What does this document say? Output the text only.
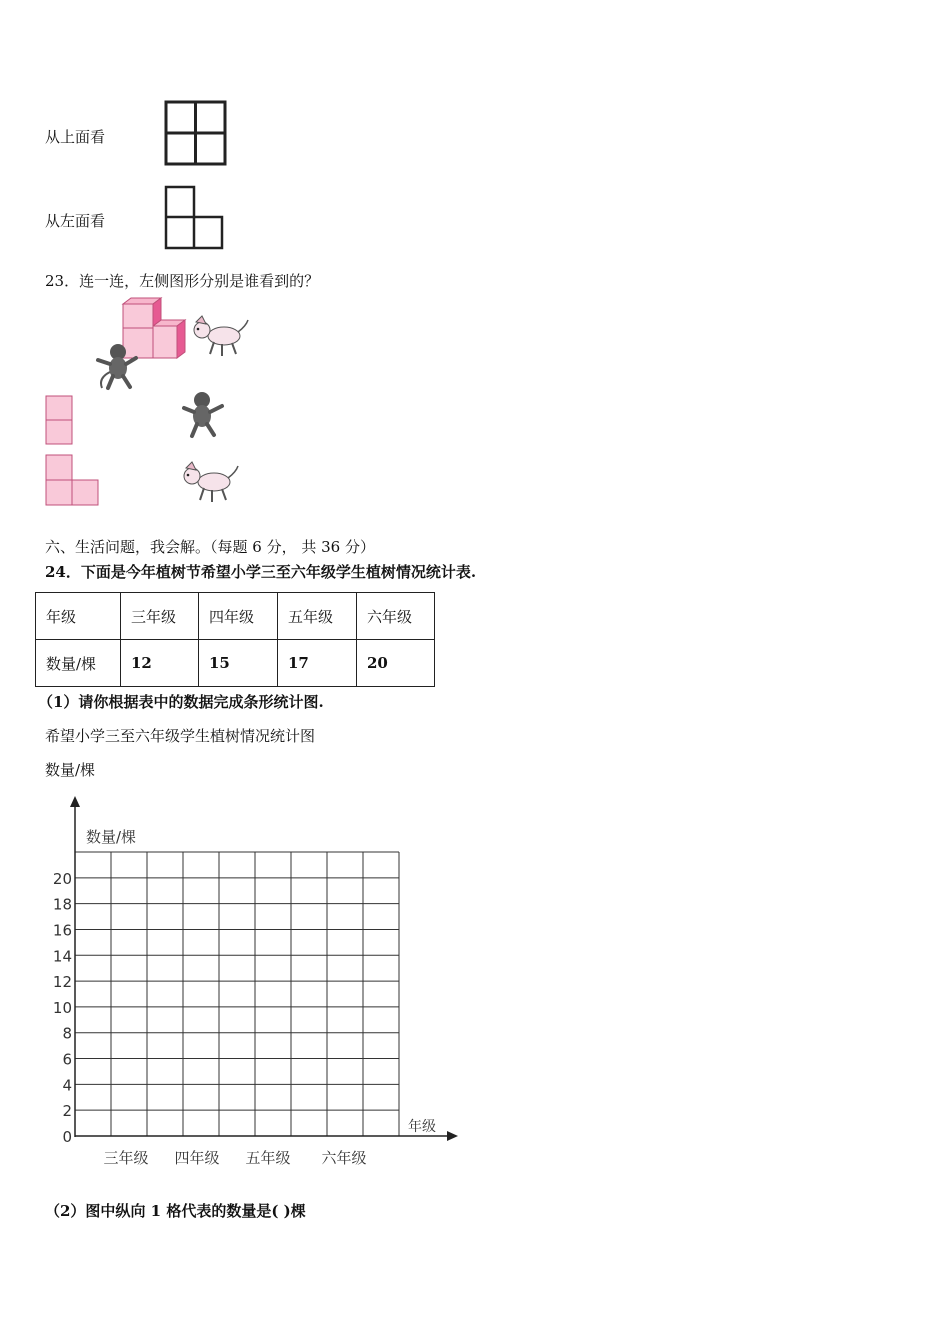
从上面看
从左面看
23．连一连，左侧图形分别是谁看到的？
六、生活问题，我会解。（每题 6 分， 共 36 分）
24．下面是今年植树节希望小学三至六年级学生植树情况统计表.
年级	三年级	四年级	五年级	六年级
数量/棵	12	15	17	20
（1）请你根据表中的数据完成条形统计图.
希望小学三至六年级学生植树情况统计图
数量/棵
数量/棵
年级
0
2
4
6
8
10
12
14
16
18
20
三年级 四年级 五年级 六年级
（2）图中纵向 1 格代表的数量是( )棵
